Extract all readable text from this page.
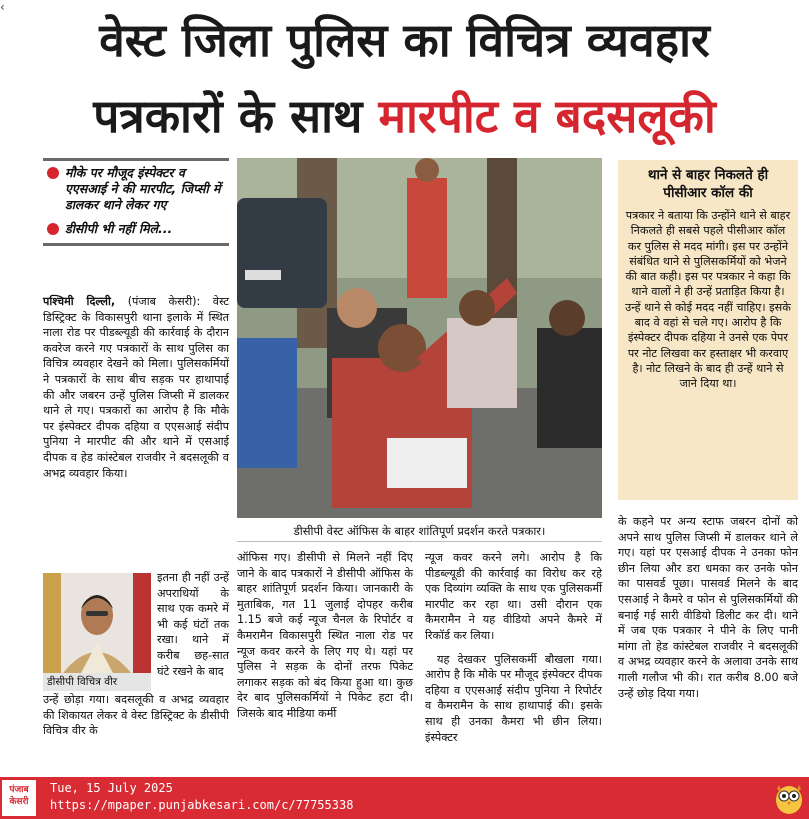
‹
वेस्ट जिला पुलिस का विचित्र व्यवहार
पत्रकारों के साथ मारपीट व बदसलूकी
मौके पर मौजूद इंस्पेक्टर व एएसआई ने की मारपीट, जिप्सी में डालकर थाने लेकर गए
डीसीपी भी नहीं मिले...

पश्चिमी दिल्ली, (पंजाब केसरी): वेस्ट डिस्ट्रिक्ट के विकासपुरी थाना इलाके में स्थित नाला रोड पर पीडब्ल्यूडी की कार्रवाई के दौरान कवरेज करने गए पत्रकारों के साथ पुलिस का विचित्र व्यवहार देखने को मिला। पुलिसकर्मियों ने पत्रकारों के साथ बीच सड़क पर हाथापाई की और जबरन उन्हें पुलिस जिप्सी में डालकर थाने ले गए। पत्रकारों का आरोप है कि मौके पर इंस्पेक्टर दीपक दहिया व एएसआई संदीप पुनिया ने मारपीट की और थाने में एसआई दीपक व हेड कांस्टेबल राजवीर ने बदसलूकी व अभद्र व्यवहार किया।

इतना ही नहीं उन्हें अपराधियों के साथ एक कमरे में भी कई घंटों तक रखा। थाने में करीब छह-सात घंटे रखने के बाद

डीसीपी विचित्र वीर

उन्हें छोड़ा गया। बदसलूकी व अभद्र व्यवहार की शिकायत लेकर वे वेस्ट डिस्ट्रिक्ट के डीसीपी विचित्र वीर के

डीसीपी वेस्ट ऑफिस के बाहर शांतिपूर्ण प्रदर्शन करते पत्रकार।

ऑफिस गए। डीसीपी से मिलने नहीं दिए जाने के बाद पत्रकारों ने डीसीपी ऑफिस के बाहर शांतिपूर्ण प्रदर्शन किया। जानकारी के मुताबिक, गत 11 जुलाई दोपहर करीब 1.15 बजे कई न्यूज चैनल के रिपोर्टर व कैमरामैन विकासपुरी स्थित नाला रोड पर न्यूज कवर करने के लिए गए थे। यहां पर पुलिस ने सड़क के दोनों तरफ पिकेट लगाकर सड़क को बंद किया हुआ था। कुछ देर बाद पुलिसकर्मियों ने पिकेट हटा दी। जिसके बाद मीडिया कर्मी

न्यूज कवर करने लगे। आरोप है कि पीडब्ल्यूडी की कार्रवाई का विरोध कर रहे एक दिव्यांग व्यक्ति के साथ एक पुलिसकर्मी मारपीट कर रहा था। उसी दौरान एक कैमरामैन ने यह वीडियो अपने कैमरे में रिकॉर्ड कर लिया।

यह देखकर पुलिसकर्मी बौखला गया। आरोप है कि मौके पर मौजूद इंस्पेक्टर दीपक दहिया व एएसआई संदीप पुनिया ने रिपोर्टर व कैमरामैन के साथ हाथापाई की। इसके साथ ही उनका कैमरा भी छीन लिया। इंस्पेक्टर

थाने से बाहर निकलते ही पीसीआर कॉल की

पत्रकार ने बताया कि उन्होंने थाने से बाहर निकलते ही सबसे पहले पीसीआर कॉल कर पुलिस से मदद मांगी। इस पर उन्होंने संबंधित थाने से पुलिसकर्मियों को भेजने की बात कही। इस पर पत्रकार ने कहा कि थाने वालों ने ही उन्हें प्रताड़ित किया है। उन्हें थाने से कोई मदद नहीं चाहिए। इसके बाद वे वहां से चले गए। आरोप है कि इंस्पेक्टर दीपक दहिया ने उनसे एक पेपर पर नोट लिखवा कर हस्ताक्षर भी करवाए है। नोट लिखने के बाद ही उन्हें थाने से जाने दिया था।

के कहने पर अन्य स्टाफ जबरन दोनों को अपने साथ पुलिस जिप्सी में डालकर थाने ले गए। यहां पर एसआई दीपक ने उनका फोन छीन लिया और डरा धमका कर उनके फोन का पासवर्ड पूछा। पासवर्ड मिलने के बाद एसआई ने कैमरे व फोन से पुलिसकर्मियों की बनाई गई सारी वीडियो डिलीट कर दी। थाने में जब एक पत्रकार ने पीने के लिए पानी मांगा तो हेड कांस्टेबल राजवीर ने बदसलूकी व अभद्र व्यवहार करने के अलावा उनके साथ गाली गलौज भी की। रात करीब 8.00 बजे उन्हें छोड़ दिया गया।

पंजाब केसरी
Tue, 15 July 2025
https://mpaper.punjabkesari.com/c/77755338
